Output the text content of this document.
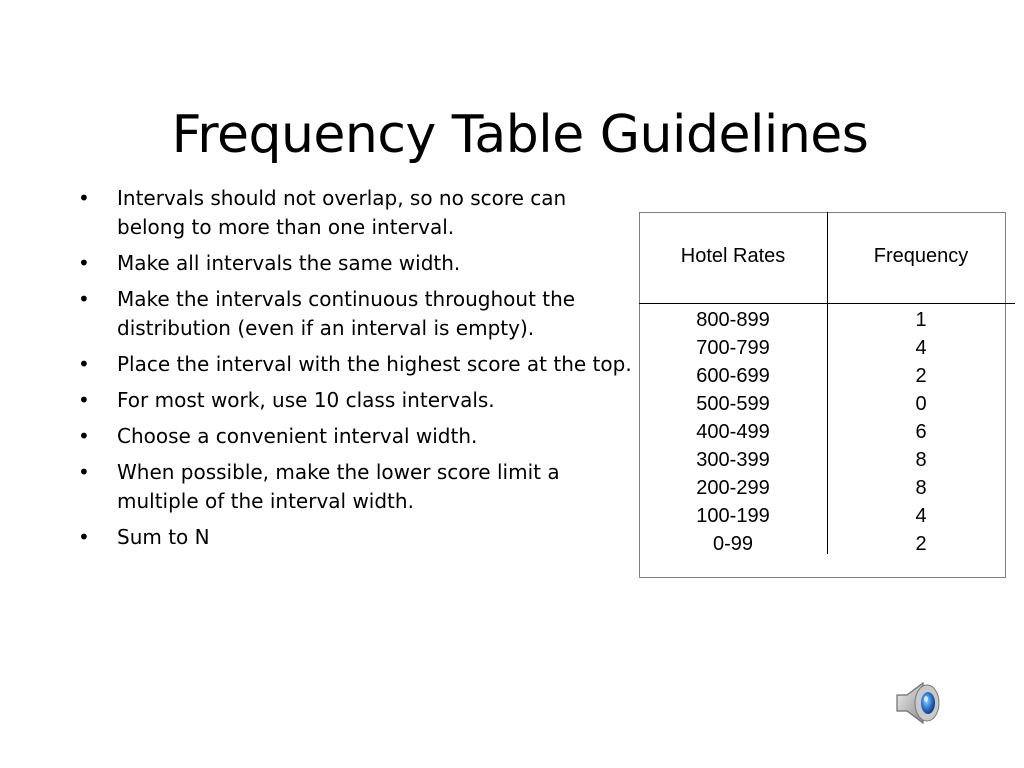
Frequency Table Guidelines
• Intervals should not overlap, so no score can belong to more than one interval.
• Make all intervals the same width.
• Make the intervals continuous throughout the distribution (even if an interval is empty).
• Place the interval with the highest score at the top.
• For most work, use 10 class intervals.
• Choose a convenient interval width.
• When possible, make the lower score limit a multiple of the interval width.
• Sum to N
Hotel Rates	Frequency
800-899
700-799
600-699
500-599
400-499
300-399
200-299
100-199
0-99
1
4
2
0
6
8
8
4
2
